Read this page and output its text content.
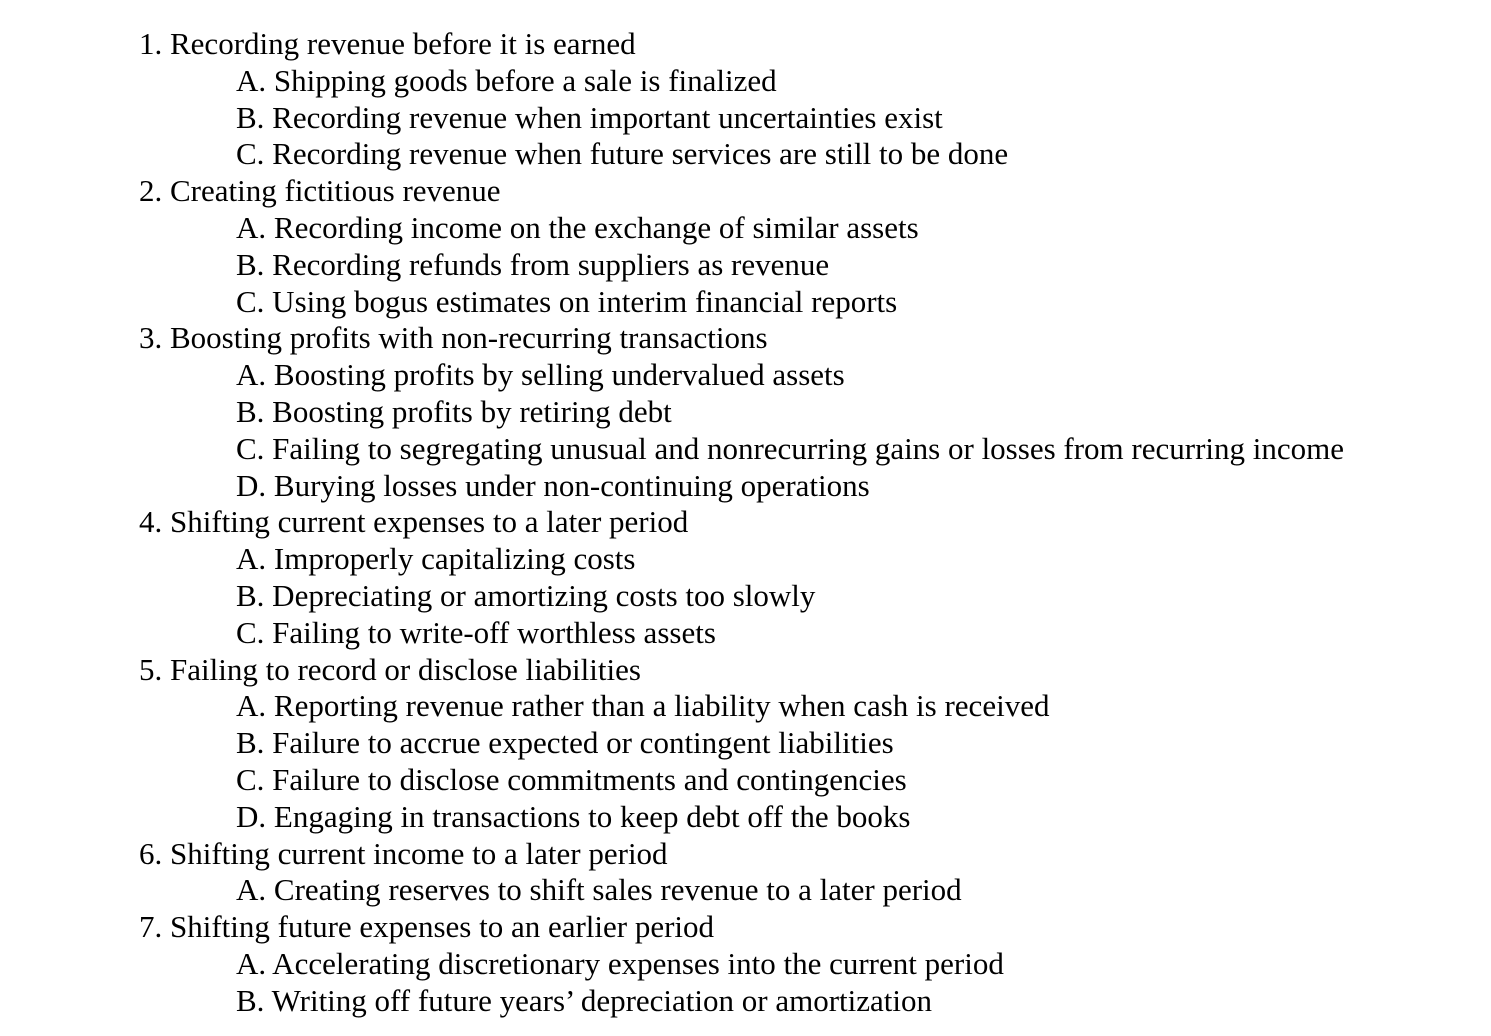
1. Recording revenue before it is earned
A. Shipping goods before a sale is finalized
B. Recording revenue when important uncertainties exist
C. Recording revenue when future services are still to be done
2. Creating fictitious revenue
A. Recording income on the exchange of similar assets
B. Recording refunds from suppliers as revenue
C. Using bogus estimates on interim financial reports
3. Boosting profits with non-recurring transactions
A. Boosting profits by selling undervalued assets
B. Boosting profits by retiring debt
C. Failing to segregating unusual and nonrecurring gains or losses from recurring income
D. Burying losses under non-continuing operations
4. Shifting current expenses to a later period
A. Improperly capitalizing costs
B. Depreciating or amortizing costs too slowly
C. Failing to write-off worthless assets
5. Failing to record or disclose liabilities
A. Reporting revenue rather than a liability when cash is received
B. Failure to accrue expected or contingent liabilities
C. Failure to disclose commitments and contingencies
D. Engaging in transactions to keep debt off the books
6. Shifting current income to a later period
A. Creating reserves to shift sales revenue to a later period
7. Shifting future expenses to an earlier period
A. Accelerating discretionary expenses into the current period
B. Writing off future years’ depreciation or amortization
